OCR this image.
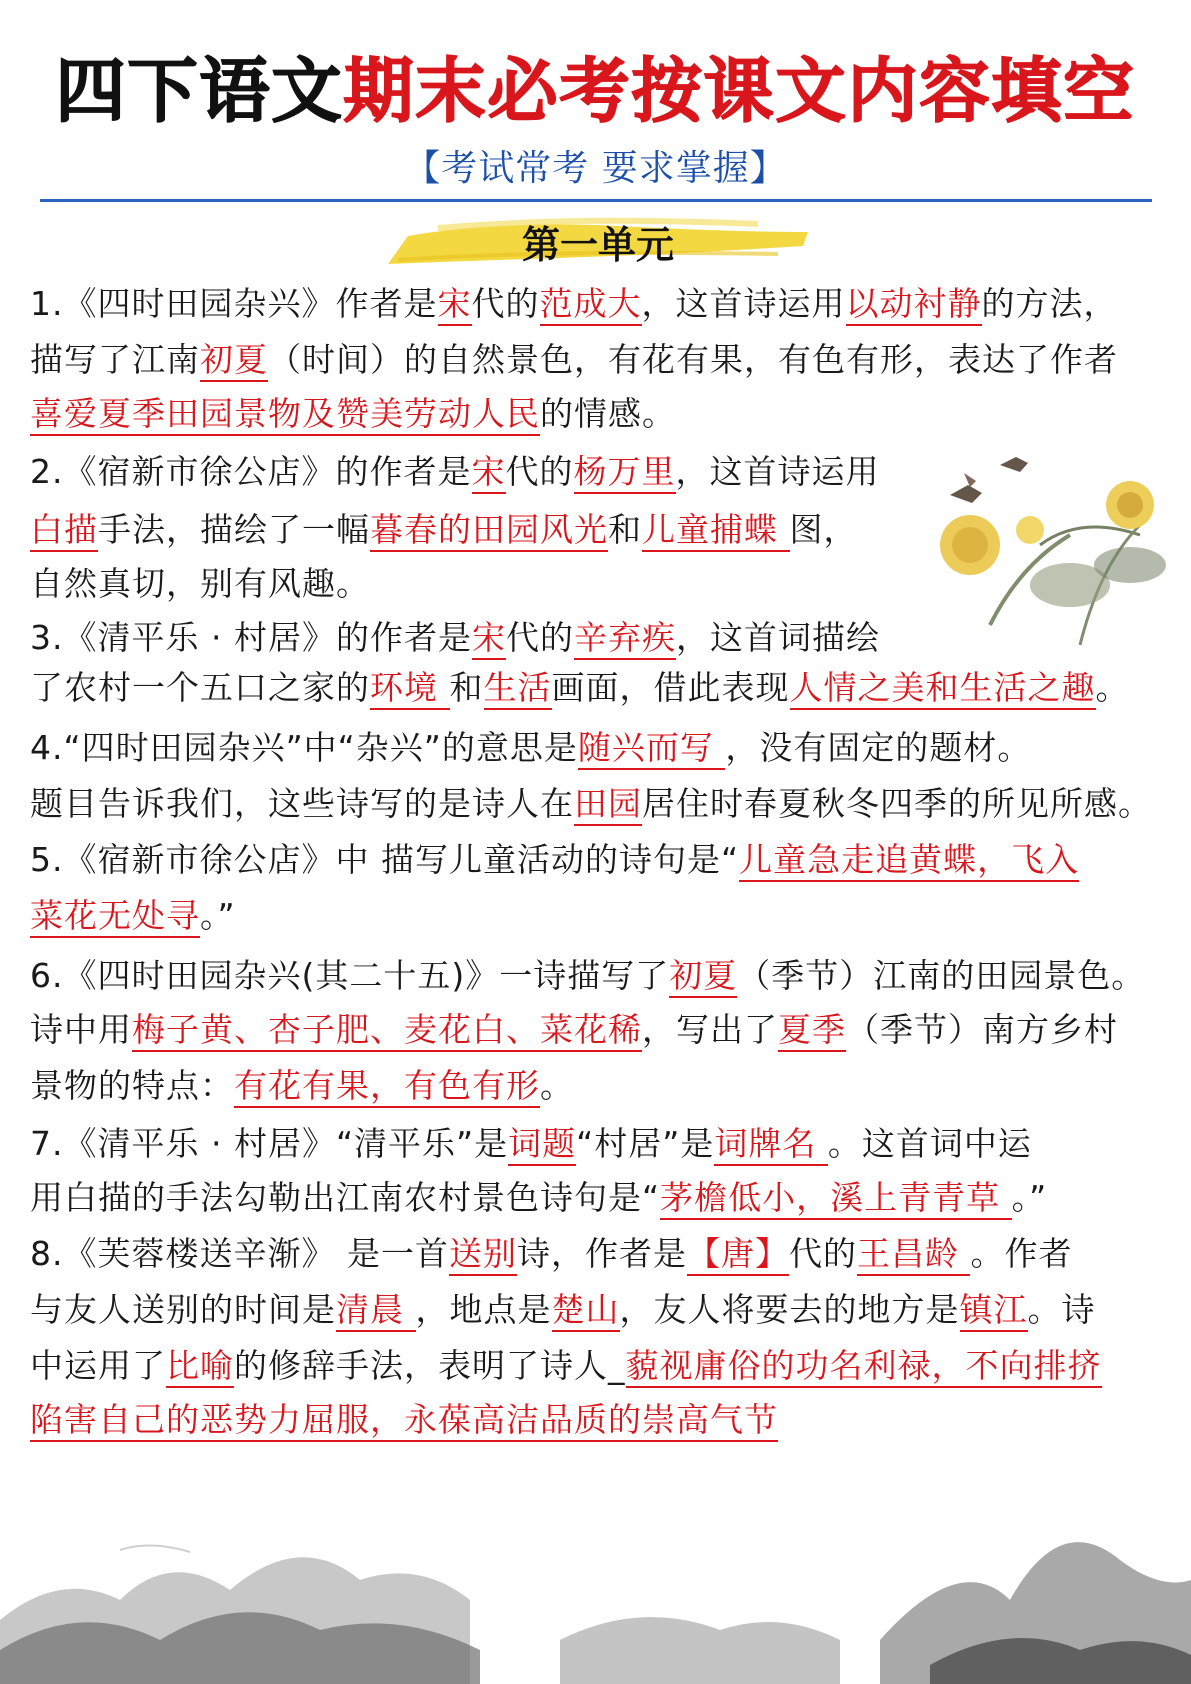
四下语文期末必考按课文内容填空
【考试常考 要求掌握】
第一单元
1.《四时田园杂兴》作者是宋代的范成大，这首诗运用以动衬静的方法，
描写了江南初夏（时间）的自然景色，有花有果，有色有形，表达了作者
喜爱夏季田园景物及赞美劳动人民的情感。
2.《宿新市徐公店》的作者是宋代的杨万里，这首诗运用
白描手法，描绘了一幅暮春的田园风光和儿童捕蝶 图，
自然真切，别有风趣。
3.《清平乐 · 村居》的作者是宋代的辛弃疾，这首词描绘
了农村一个五口之家的环境 和生活画面，借此表现人情之美和生活之趣。
4.“四时田园杂兴”中“杂兴”的意思是随兴而写 ，没有固定的题材。
题目告诉我们，这些诗写的是诗人在田园居住时春夏秋冬四季的所见所感。
5.《宿新市徐公店》中 描写儿童活动的诗句是“儿童急走追黄蝶，飞入
菜花无处寻。”
6.《四时田园杂兴(其二十五)》一诗描写了初夏（季节）江南的田园景色。
诗中用梅子黄、杏子肥、麦花白、菜花稀，写出了夏季（季节）南方乡村
景物的特点：有花有果，有色有形。
7.《清平乐 · 村居》“清平乐”是词题“村居”是词牌名 。这首词中运
用白描的手法勾勒出江南农村景色诗句是“茅檐低小，溪上青青草 。”
8.《芙蓉楼送辛渐》 是一首送别诗，作者是【唐】代的王昌龄 。作者
与友人送别的时间是清晨 ，地点是楚山，友人将要去的地方是镇江。诗
中运用了比喻的修辞手法，表明了诗人_藐视庸俗的功名利禄，不向排挤
陷害自己的恶势力屈服，永葆高洁品质的崇高气节
